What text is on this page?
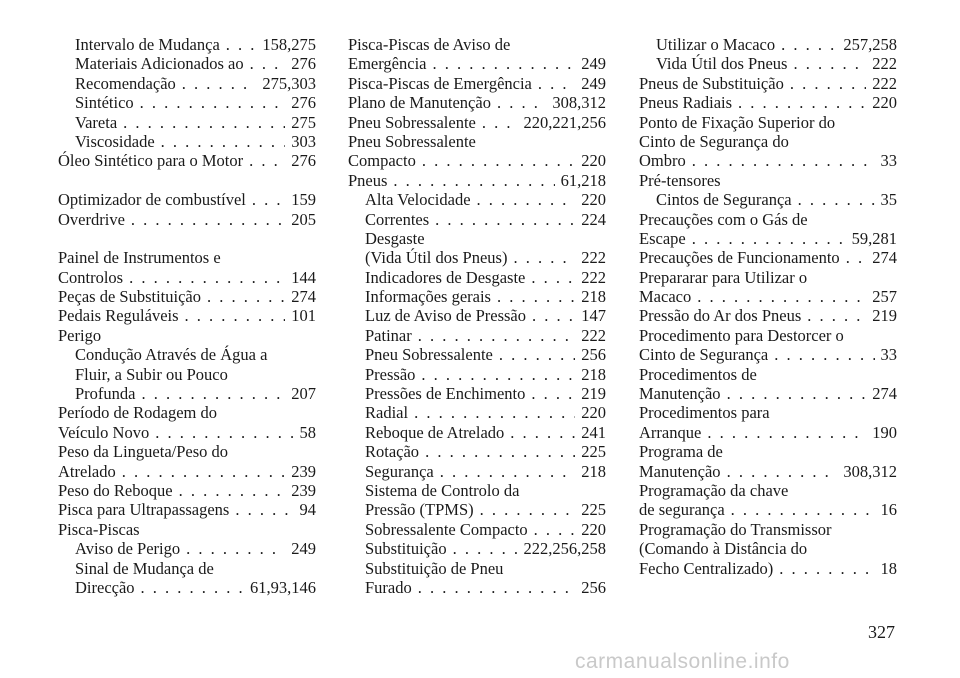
Intervalo de Mudança . . .	158,275
Materiais Adicionados ao . . .	276
Recomendação . . .	275,303
Sintético . . .	276
Vareta . . .	275
Viscosidade . . .	303
Óleo Sintético para o Motor . . .	276
Optimizador de combustível . . .	159
Overdrive . . .	205
Painel de Instrumentos e
Controlos . . .	144
Peças de Substituição . . .	274
Pedais Reguláveis . . .	101
Perigo
Condução Através de Água a
Fluir, a Subir ou Pouco
Profunda . . .	207
Período de Rodagem do
Veículo Novo . . .	58
Peso da Lingueta/Peso do
Atrelado . . .	239
Peso do Reboque . . .	239
Pisca para Ultrapassagens . . .	94
Pisca-Piscas
Aviso de Perigo . . .	249
Sinal de Mudança de
Direcção . . .	61,93,146
Pisca-Piscas de Aviso de
Emergência . . .	249
Pisca-Piscas de Emergência . . .	249
Plano de Manutenção . . .	308,312
Pneu Sobressalente . . .	220,221,256
Pneu Sobressalente
Compacto . . .	220
Pneus . . .	61,218
Alta Velocidade . . .	220
Correntes . . .	224
Desgaste
(Vida Útil dos Pneus) . . .	222
Indicadores de Desgaste . . .	222
Informações gerais . . .	218
Luz de Aviso de Pressão . . .	147
Patinar . . .	222
Pneu Sobressalente . . .	256
Pressão . . .	218
Pressões de Enchimento . . .	219
Radial . . .	220
Reboque de Atrelado . . .	241
Rotação . . .	225
Segurança . . .	218
Sistema de Controlo da
Pressão (TPMS) . . .	225
Sobressalente Compacto . . .	220
Substituição . . .	222,256,258
Substituição de Pneu
Furado . . .	256
Utilizar o Macaco . . .	257,258
Vida Útil dos Pneus . . .	222
Pneus de Substituição . . .	222
Pneus Radiais . . .	220
Ponto de Fixação Superior do
Cinto de Segurança do
Ombro . . .	33
Pré-tensores
Cintos de Segurança . . .	35
Precauções com o Gás de
Escape . . .	59,281
Precauções de Funcionamento . . . 274
Prepararar para Utilizar o
Macaco . . .	257
Pressão do Ar dos Pneus . . .	219
Procedimento para Destorcer o
Cinto de Segurança . . .	33
Procedimentos de
Manutenção . . .	274
Procedimentos para
Arranque . . .	190
Programa de
Manutenção . . .	308,312
Programação da chave
de segurança . . .	16
Programação do Transmissor
(Comando à Distância do
Fecho Centralizado) . . .	18
327
carmanualsonline.info
